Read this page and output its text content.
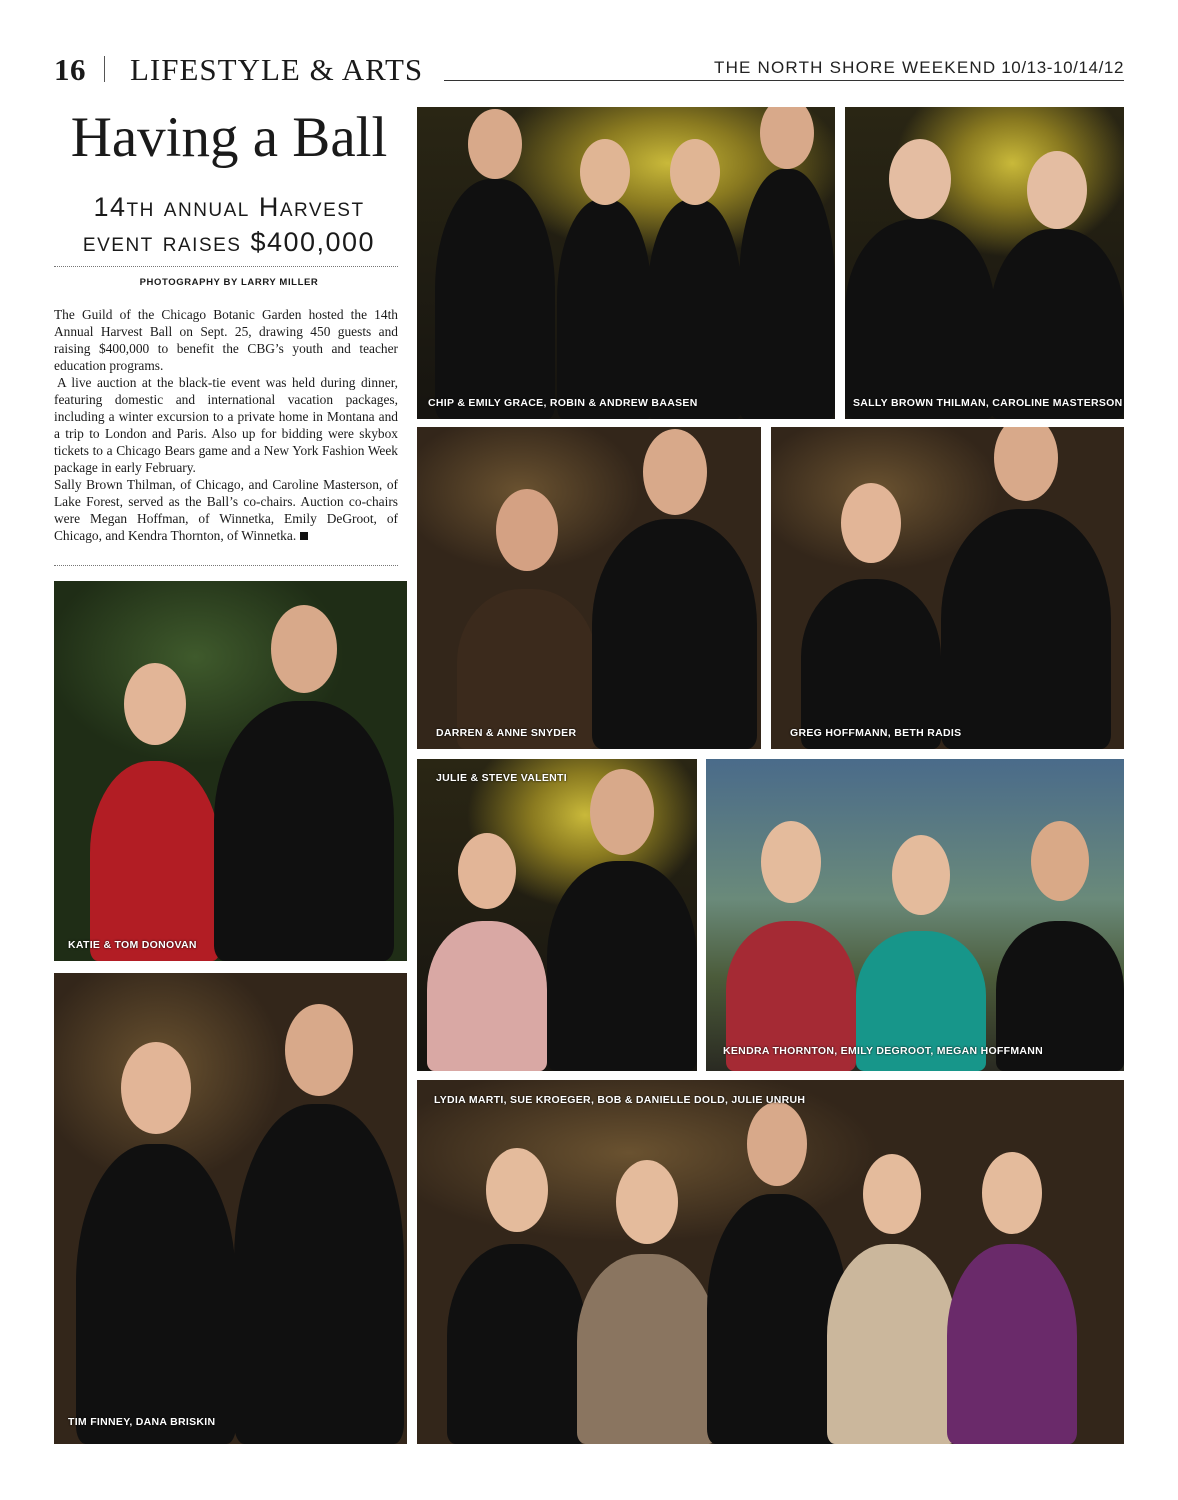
16 LIFESTYLE & ARTS	THE NORTH SHORE WEEKEND 10/13-10/14/12
Having a Ball
14th annual Harvest event raises $400,000
PHOTOGRAPHY BY LARRY MILLER

The Guild of the Chicago Botanic Garden hosted the 14th Annual Harvest Ball on Sept. 25, drawing 450 guests and raising $400,000 to benefit the CBG’s youth and teacher education programs.

A live auction at the black-tie event was held during dinner, featuring domestic and international vacation packages, including a winter excursion to a private home in Montana and a trip to London and Paris. Also up for bidding were skybox tickets to a Chicago Bears game and a New York Fashion Week package in early February.

Sally Brown Thilman, of Chicago, and Caroline Masterson, of Lake Forest, served as the Ball’s co-chairs. Auction co-chairs were Megan Hoffman, of Winnetka, Emily DeGroot, of Chicago, and Kendra Thornton, of Winnetka.

CHIP & EMILY GRACE, ROBIN & ANDREW BAASEN	SALLY BROWN THILMAN, CAROLINE MASTERSON
KATIE & TOM DONOVAN
DARREN & ANNE SNYDER	GREG HOFFMANN, BETH RADIS
JULIE & STEVE VALENTI
KENDRA THORNTON, EMILY DEGROOT, MEGAN HOFFMANN
TIM FINNEY, DANA BRISKIN
LYDIA MARTI, SUE KROEGER, BOB & DANIELLE DOLD, JULIE UNRUH
